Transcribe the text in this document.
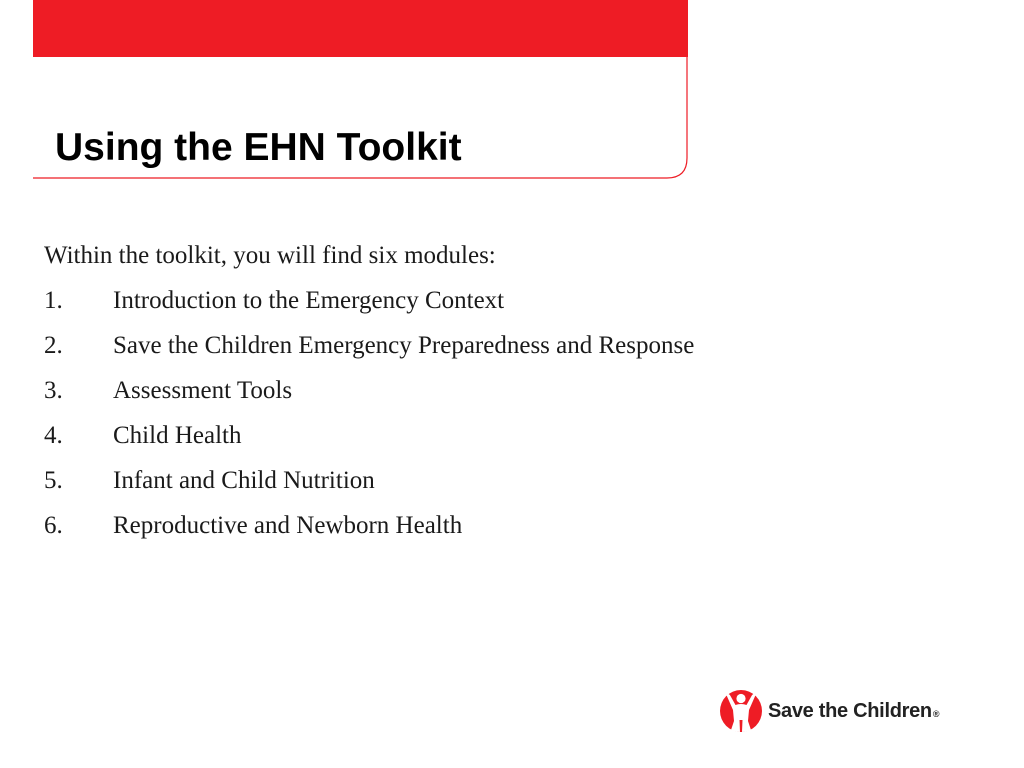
Using the EHN Toolkit
Within the toolkit, you will find six modules:
1.	Introduction to the Emergency Context
2.	Save the Children Emergency Preparedness and Response
3.	Assessment Tools
4.	Child Health
5.	Infant and Child Nutrition
6.	Reproductive and Newborn Health
Save the Children®
